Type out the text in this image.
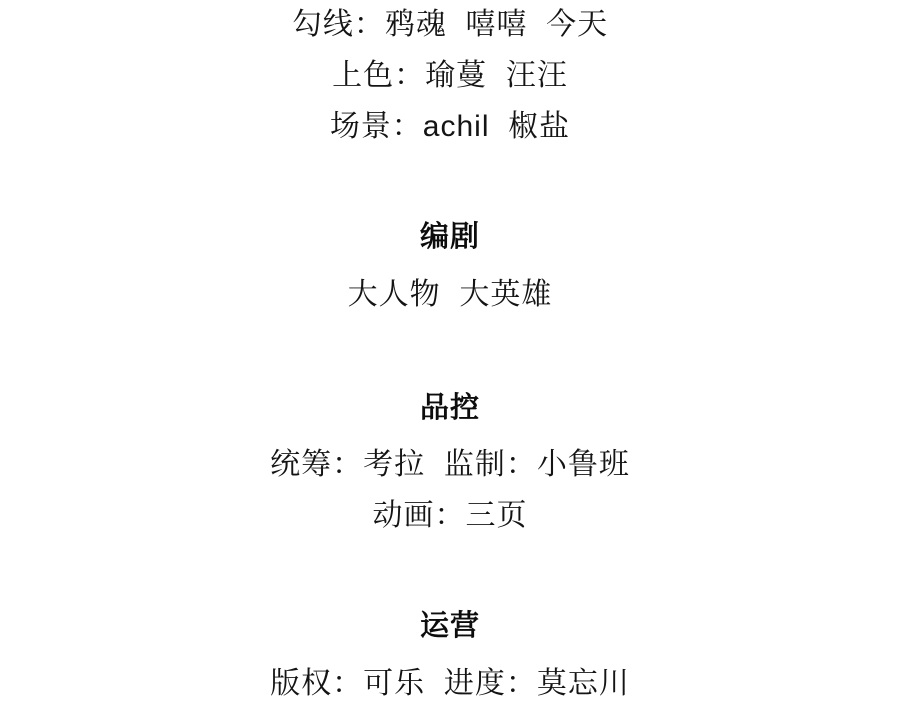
勾线：鸦魂  嘻嘻  今天
上色：瑜蔓  汪汪
场景：achil  椒盐
编剧
大人物  大英雄
品控
统筹：考拉  监制：小鲁班
动画：三页
运营
版权：可乐  进度：莫忘川
